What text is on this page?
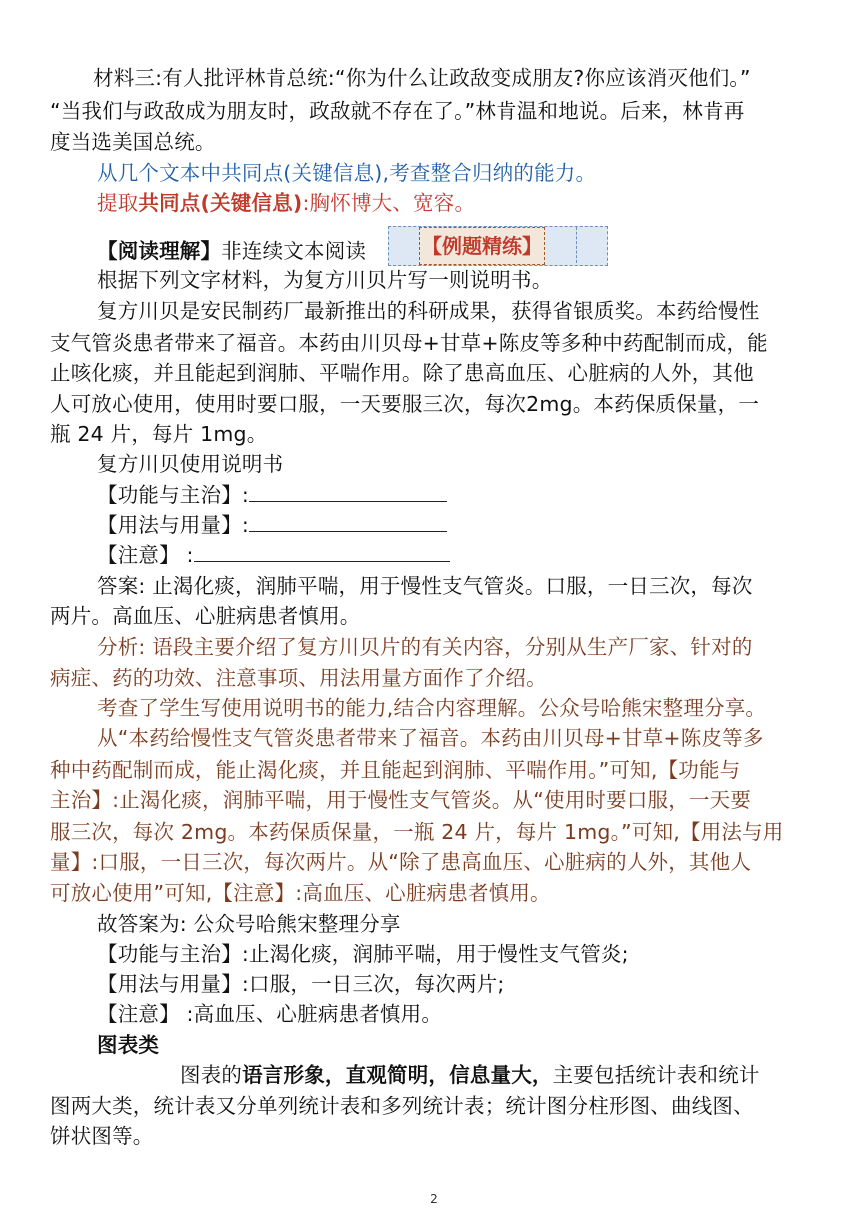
材料三:有人批评林肯总统:“你为什么让政敌变成朋友?你应该消灭他们。”
“当我们与政敌成为朋友时，政敌就不存在了。”林肯温和地说。后来，林肯再
度当选美国总统。
从几个文本中共同点(关键信息),考查整合归纳的能力。
提取共同点(关键信息):胸怀博大、宽容。
【阅读理解】非连续文本阅读	【例题精练】
根据下列文字材料，为复方川贝片写一则说明书。
复方川贝是安民制药厂最新推出的科研成果，获得省银质奖。本药给慢性
支气管炎患者带来了福音。本药由川贝母+甘草+陈皮等多种中药配制而成，能
止咳化痰，并且能起到润肺、平喘作用。除了患高血压、心脏病的人外，其他
人可放心使用，使用时要口服，一天要服三次，每次2mg。本药保质保量，一
瓶 24 片，每片 1mg。
复方川贝使用说明书
【功能与主治】:
【用法与用量】:
【注意】 :
答案: 止渴化痰，润肺平喘，用于慢性支气管炎。口服，一日三次，每次
两片。高血压、心脏病患者慎用。
分析: 语段主要介绍了复方川贝片的有关内容，分别从生产厂家、针对的
病症、药的功效、注意事项、用法用量方面作了介绍。
考查了学生写使用说明书的能力,结合内容理解。公众号哈熊宋整理分享。
从“本药给慢性支气管炎患者带来了福音。本药由川贝母+甘草+陈皮等多
种中药配制而成，能止渴化痰，并且能起到润肺、平喘作用。”可知,【功能与
主治】:止渴化痰，润肺平喘，用于慢性支气管炎。从“使用时要口服，一天要
服三次，每次 2mg。本药保质保量，一瓶 24 片，每片 1mg。”可知,【用法与用
量】:口服，一日三次，每次两片。从“除了患高血压、心脏病的人外，其他人
可放心使用”可知,【注意】:高血压、心脏病患者慎用。
故答案为: 公众号哈熊宋整理分享
【功能与主治】:止渴化痰，润肺平喘，用于慢性支气管炎;
【用法与用量】:口服，一日三次，每次两片;
【注意】 :高血压、心脏病患者慎用。
图表类
图表的语言形象，直观简明，信息量大，主要包括统计表和统计
图两大类，统计表又分单列统计表和多列统计表；统计图分柱形图、曲线图、
饼状图等。
2
